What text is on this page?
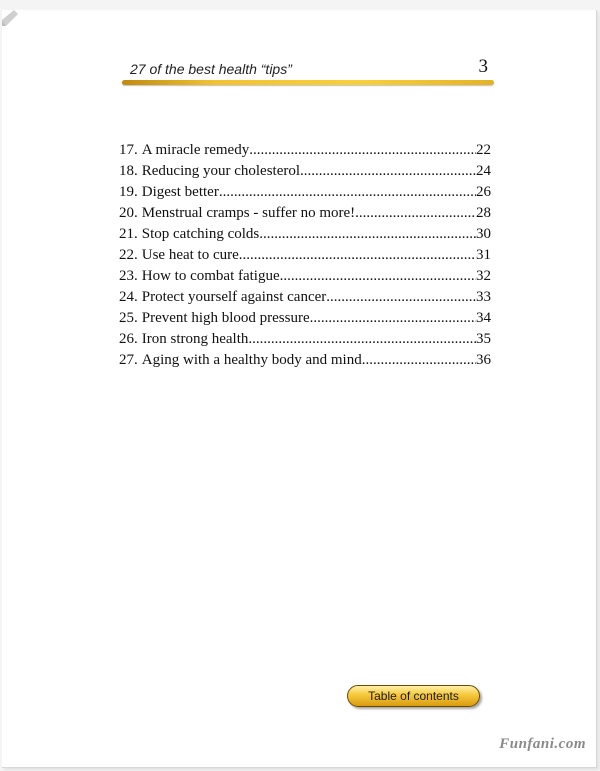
27 of the best health “tips”	3
17. A miracle remedy .....	22
18. Reducing your cholesterol .....	24
19. Digest better .....	26
20. Menstrual cramps - suffer no more! .....	28
21. Stop catching colds .....	30
22. Use heat to cure .....	31
23. How to combat fatigue .....	32
24. Protect yourself against cancer .....	33
25. Prevent high blood pressure .....	34
26. Iron strong health .....	35
27. Aging with a healthy body and mind .....	36
Table of contents
Funfani.com
